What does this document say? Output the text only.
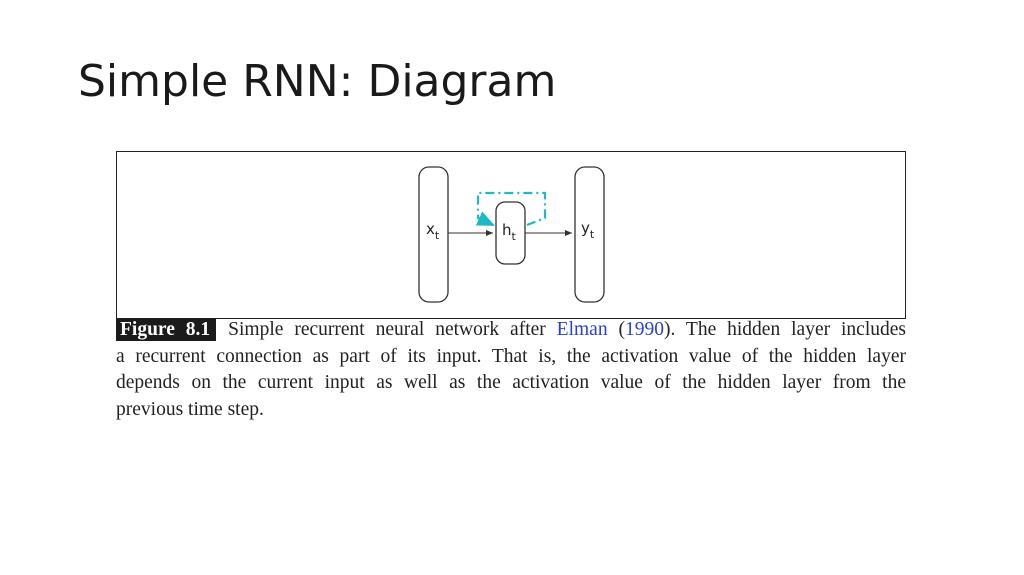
Simple RNN: Diagram
$x_t$	$h_t$	$y_t$
Figure 8.1 Simple recurrent neural network after Elman (1990). The hidden layer includes
a recurrent connection as part of its input. That is, the activation value of the hidden layer
depends on the current input as well as the activation value of the hidden layer from the
previous time step.
